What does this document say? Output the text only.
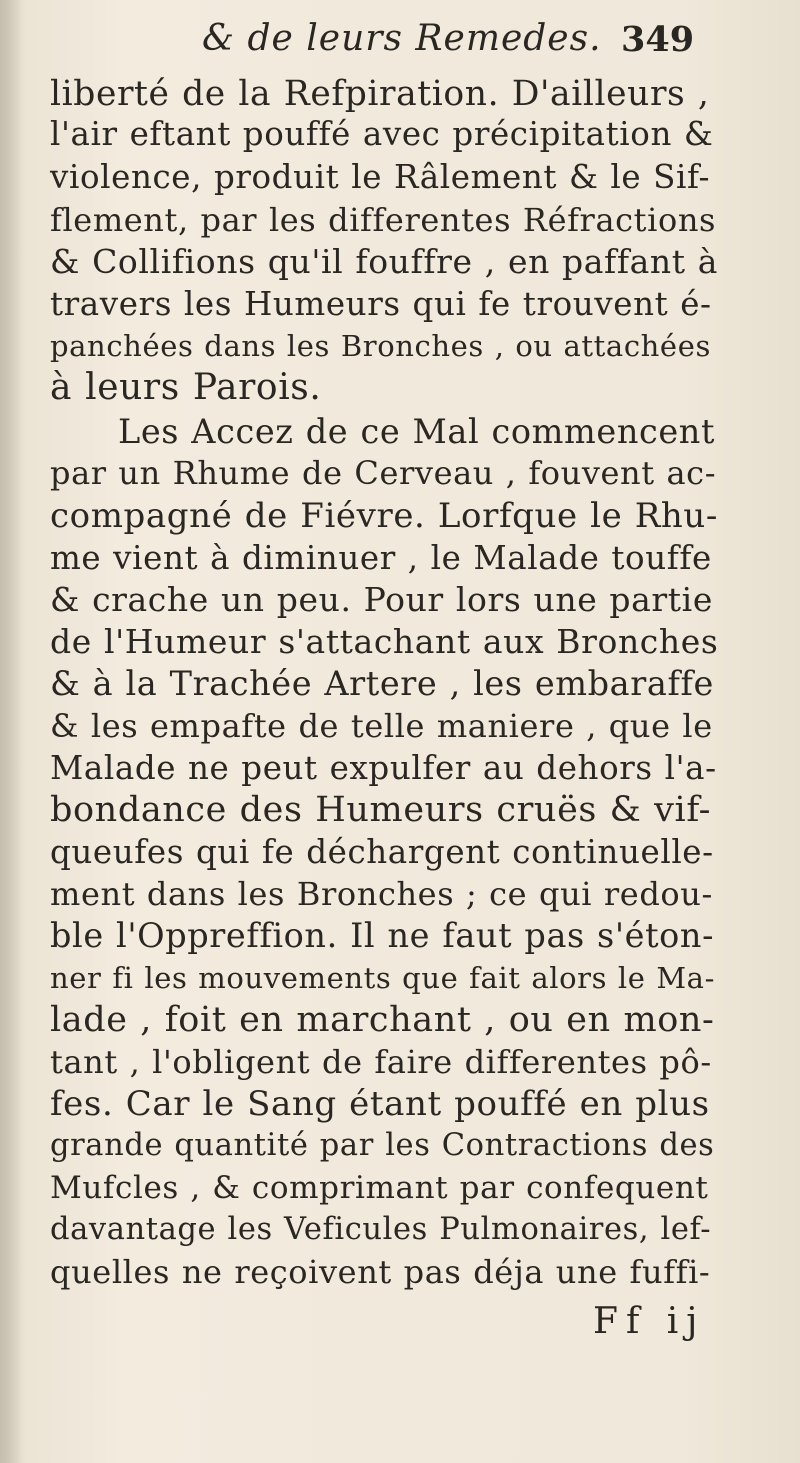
& de leurs Remedes. 349
liberté de la Refpiration. D'ailleurs ,
l'air eftant pouffé avec précipitation &
violence, produit le Râlement & le Sif-
flement, par les differentes Réfractions
& Collifions qu'il fouffre , en paffant à
travers les Humeurs qui fe trouvent é-
panchées dans les Bronches , ou attachées
à leurs Parois.
Les Accez de ce Mal commencent
par un Rhume de Cerveau , fouvent ac-
compagné de Fiévre. Lorfque le Rhu-
me vient à diminuer , le Malade touffe
& crache un peu. Pour lors une partie
de l'Humeur s'attachant aux Bronches
& à la Trachée Artere , les embaraffe
& les empafte de telle maniere , que le
Malade ne peut expulfer au dehors l'a-
bondance des Humeurs cruës & vif-
queufes qui fe déchargent continuelle-
ment dans les Bronches ; ce qui redou-
ble l'Oppreffion. Il ne faut pas s'éton-
ner fi les mouvements que fait alors le Ma-
lade , foit en marchant , ou en mon-
tant , l'obligent de faire differentes pô-
fes. Car le Sang étant pouffé en plus
grande quantité par les Contractions des
Mufcles , & comprimant par confequent
davantage les Veficules Pulmonaires, lef-
quelles ne reçoivent pas déja une fuffi-
Ff ij
